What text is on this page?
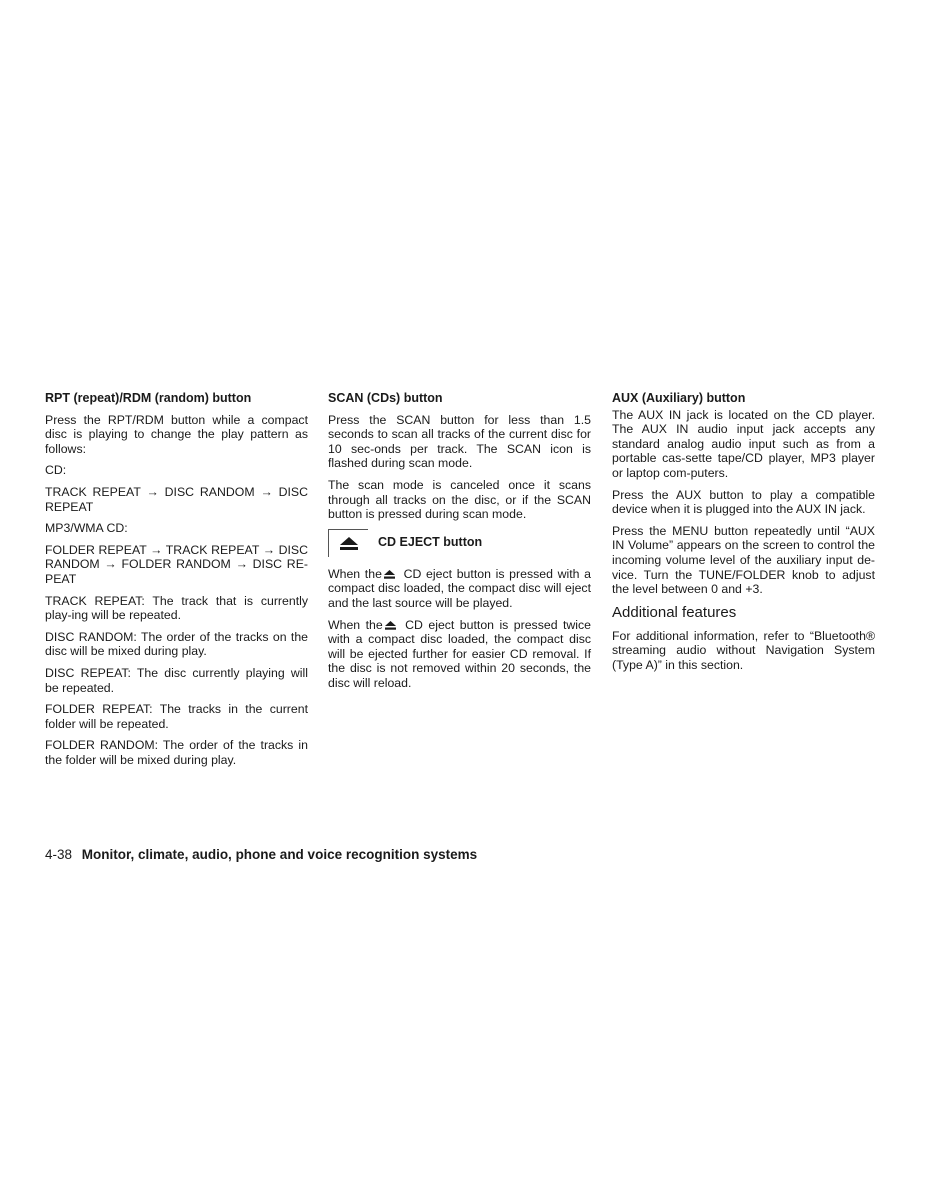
RPT (repeat)/RDM (random) button

Press the RPT/RDM button while a compact disc is playing to change the play pattern as follows:

CD:

TRACK REPEAT → DISC RANDOM → DISC REPEAT

MP3/WMA CD:

FOLDER REPEAT → TRACK REPEAT → DISC RANDOM → FOLDER RANDOM → DISC RE-PEAT

TRACK REPEAT: The track that is currently play-ing will be repeated.

DISC RANDOM: The order of the tracks on the disc will be mixed during play.

DISC REPEAT: The disc currently playing will be repeated.

FOLDER REPEAT: The tracks in the current folder will be repeated.

FOLDER RANDOM: The order of the tracks in the folder will be mixed during play.

SCAN (CDs) button

Press the SCAN button for less than 1.5 seconds to scan all tracks of the current disc for 10 sec-onds per track. The SCAN icon is flashed during scan mode.

The scan mode is canceled once it scans through all tracks on the disc, or if the SCAN button is pressed during scan mode.

CD EJECT button

When the CD eject button is pressed with a compact disc loaded, the compact disc will eject and the last source will be played.

When the CD eject button is pressed twice with a compact disc loaded, the compact disc will be ejected further for easier CD removal. If the disc is not removed within 20 seconds, the disc will reload.

AUX (Auxiliary) button

The AUX IN jack is located on the CD player. The AUX IN audio input jack accepts any standard analog audio input such as from a portable cas-sette tape/CD player, MP3 player or laptop com-puters.

Press the AUX button to play a compatible device when it is plugged into the AUX IN jack.

Press the MENU button repeatedly until “AUX IN Volume” appears on the screen to control the incoming volume level of the auxiliary input de-vice. Turn the TUNE/FOLDER knob to adjust the level between 0 and +3.

Additional features

For additional information, refer to “Bluetooth® streaming audio without Navigation System (Type A)” in this section.

4-38 Monitor, climate, audio, phone and voice recognition systems
